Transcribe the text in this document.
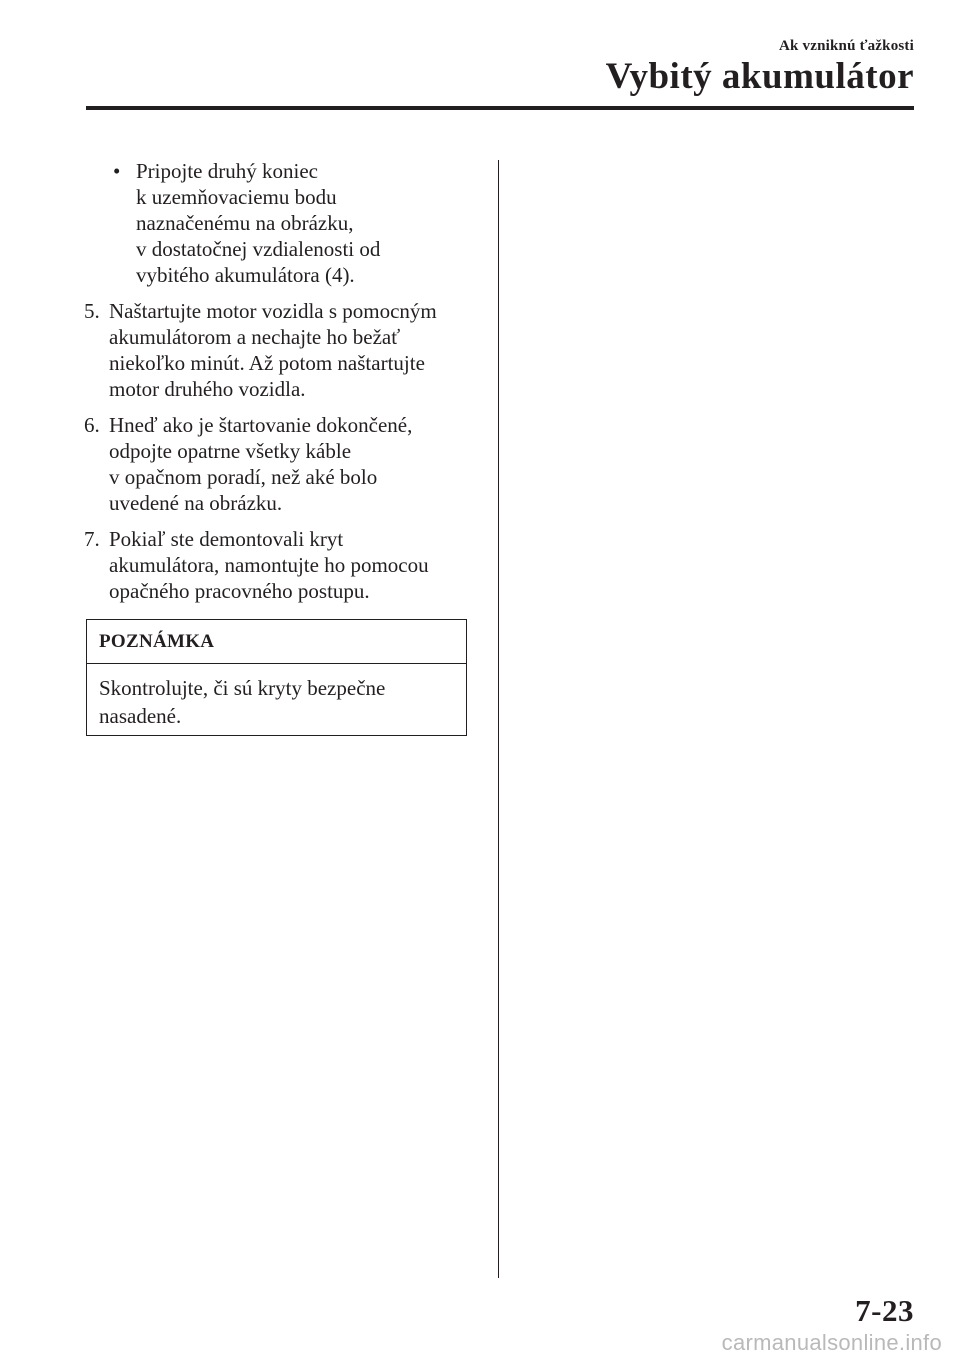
Ak vzniknú ťažkosti
Vybitý akumulátor
• Pripojte druhý koniec
k uzemňovaciemu bodu
naznačenému na obrázku,
v dostatočnej vzdialenosti od
vybitého akumulátora (4).
5. Naštartujte motor vozidla s pomocným
akumulátorom a nechajte ho bežať
niekoľko minút. Až potom naštartujte
motor druhého vozidla.
6. Hneď ako je štartovanie dokončené,
odpojte opatrne všetky káble
v opačnom poradí, než aké bolo
uvedené na obrázku.
7. Pokiaľ ste demontovali kryt
akumulátora, namontujte ho pomocou
opačného pracovného postupu.
POZNÁMKA
Skontrolujte, či sú kryty bezpečne
nasadené.
7-23
carmanualsonline.info
